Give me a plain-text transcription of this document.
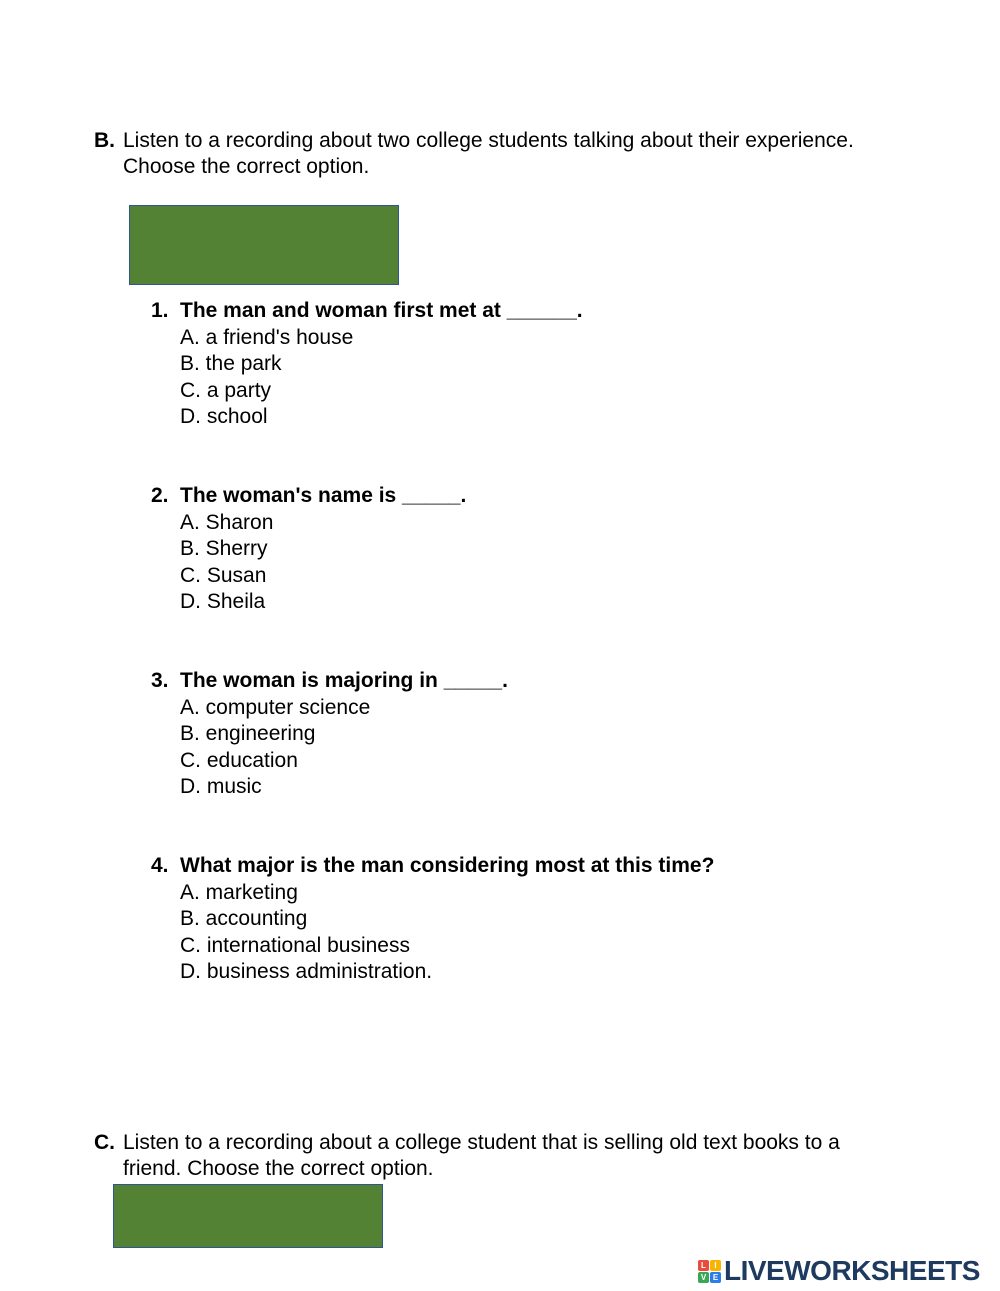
B. Listen to a recording about two college students talking about their experience.
Choose the correct option.
1. The man and woman first met at ______.
A. a friend's house
B. the park
C. a party
D. school
2. The woman's name is _____.
A. Sharon
B. Sherry
C. Susan
D. Sheila
3. The woman is majoring in _____.
A. computer science
B. engineering
C. education
D. music
4. What major is the man considering most at this time?
A. marketing
B. accounting
C. international business
D. business administration.
C. Listen to a recording about a college student that is selling old text books to a
friend. Choose the correct option.
L	I
V E LIVEWORKSHEETS
